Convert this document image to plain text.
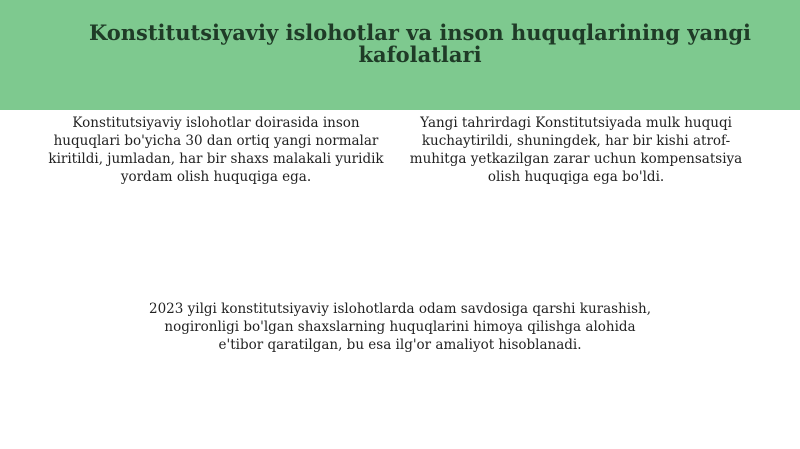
Konstitutsiyaviy islohotlar va inson huquqlarining yangi kafolatlari

Konstitutsiyaviy islohotlar doirasida inson huquqlari bo'yicha 30 dan ortiq yangi normalar kiritildi, jumladan, har bir shaxs malakali yuridik yordam olish huquqiga ega.

Yangi tahrirdagi Konstitutsiyada mulk huquqi kuchaytirildi, shuningdek, har bir kishi atrof-muhitga yetkazilgan zarar uchun kompensatsiya olish huquqiga ega bo'ldi.

2023 yilgi konstitutsiyaviy islohotlarda odam savdosiga qarshi kurashish, nogironligi bo'lgan shaxslarning huquqlarini himoya qilishga alohida e'tibor qaratilgan, bu esa ilg'or amaliyot hisoblanadi.
